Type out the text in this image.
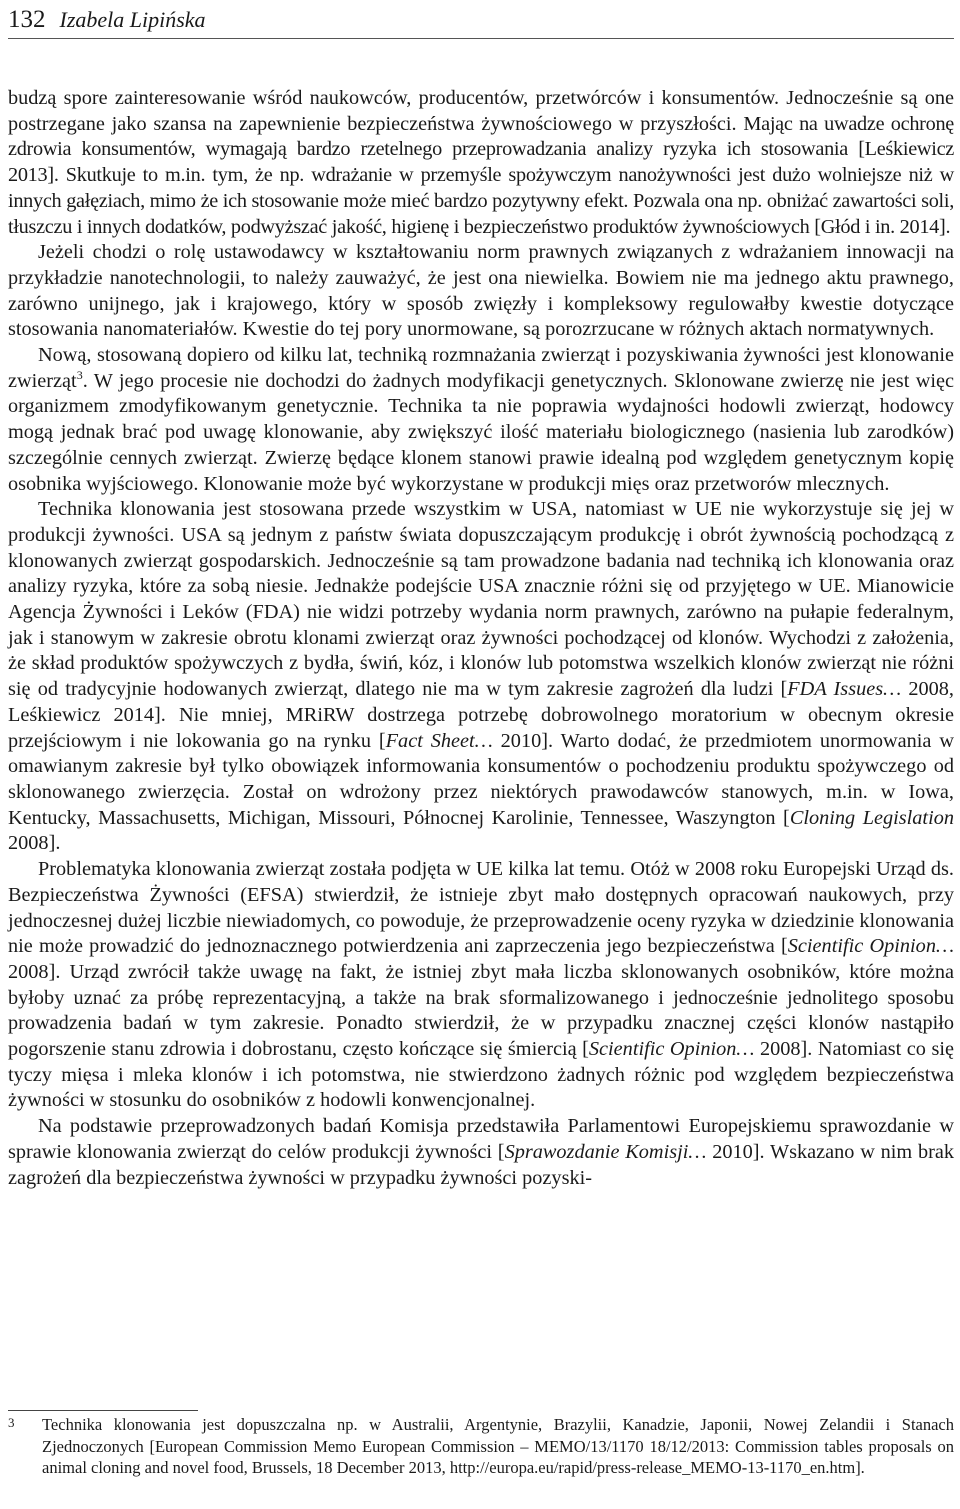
132 Izabela Lipińska

budzą spore zainteresowanie wśród naukowców, producentów, przetwórców i konsumentów. Jednocześnie są one postrzegane jako szansa na zapewnienie bezpieczeństwa żywnościowego w przyszłości. Mając na uwadze ochronę zdrowia konsumentów, wymagają bardzo rzetelnego przeprowadzania analizy ryzyka ich stosowania [Leśkiewicz 2013]. Skutkuje to m.in. tym, że np. wdrażanie w przemyśle spożywczym nanożywności jest dużo wolniejsze niż w innych gałęziach, mimo że ich stosowanie może mieć bardzo pozytywny efekt. Pozwala ona np. obniżać zawartości soli, tłuszczu i innych dodatków, podwyższać jakość, higienę i bezpieczeństwo produktów żywnościowych [Głód i in. 2014].

Jeżeli chodzi o rolę ustawodawcy w kształtowaniu norm prawnych związanych z wdrażaniem innowacji na przykładzie nanotechnologii, to należy zauważyć, że jest ona niewielka. Bowiem nie ma jednego aktu prawnego, zarówno unijnego, jak i krajowego, który w sposób zwięzły i kompleksowy regulowałby kwestie dotyczące stosowania nanomateriałów. Kwestie do tej pory unormowane, są porozrzucane w różnych aktach normatywnych.

Nową, stosowaną dopiero od kilku lat, techniką rozmnażania zwierząt i pozyskiwania żywności jest klonowanie zwierząt$^3$. W jego procesie nie dochodzi do żadnych modyfikacji genetycznych. Sklonowane zwierzę nie jest więc organizmem zmodyfikowanym genetycznie. Technika ta nie poprawia wydajności hodowli zwierząt, hodowcy mogą jednak brać pod uwagę klonowanie, aby zwiększyć ilość materiału biologicznego (nasienia lub zarodków) szczególnie cennych zwierząt. Zwierzę będące klonem stanowi prawie idealną pod względem genetycznym kopię osobnika wyjściowego. Klonowanie może być wykorzystane w produkcji mięs oraz przetworów mlecznych.

Technika klonowania jest stosowana przede wszystkim w USA, natomiast w UE nie wykorzystuje się jej w produkcji żywności. USA są jednym z państw świata dopuszczającym produkcję i obrót żywnością pochodzącą z klonowanych zwierząt gospodarskich. Jednocześnie są tam prowadzone badania nad techniką ich klonowania oraz analizy ryzyka, które za sobą niesie. Jednakże podejście USA znacznie różni się od przyjętego w UE. Mianowicie Agencja Żywności i Leków (FDA) nie widzi potrzeby wydania norm prawnych, zarówno na pułapie federalnym, jak i stanowym w zakresie obrotu klonami zwierząt oraz żywności pochodzącej od klonów. Wychodzi z założenia, że skład produktów spożywczych z bydła, świń, kóz, i klonów lub potomstwa wszelkich klonów zwierząt nie różni się od tradycyjnie hodowanych zwierząt, dlatego nie ma w tym zakresie zagrożeń dla ludzi [FDA Issues… 2008, Leśkiewicz 2014]. Nie mniej, MRiRW dostrzega potrzebę dobrowolnego moratorium w obecnym okresie przejściowym i nie lokowania go na rynku [Fact Sheet… 2010]. Warto dodać, że przedmiotem unormowania w omawianym zakresie był tylko obowiązek informowania konsumentów o pochodzeniu produktu spożywczego od sklonowanego zwierzęcia. Został on wdrożony przez niektórych prawodawców stanowych, m.in. w Iowa, Kentucky, Massachusetts, Michigan, Missouri, Północnej Karolinie, Tennessee, Waszyngton [Cloning Legislation 2008].

Problematyka klonowania zwierząt została podjęta w UE kilka lat temu. Otóż w 2008 roku Europejski Urząd ds. Bezpieczeństwa Żywności (EFSA) stwierdził, że istnieje zbyt mało dostępnych opracowań naukowych, przy jednoczesnej dużej liczbie niewiadomych, co powoduje, że przeprowadzenie oceny ryzyka w dziedzinie klonowania nie może prowadzić do jednoznacznego potwierdzenia ani zaprzeczenia jego bezpieczeństwa [Scientific Opinion… 2008]. Urząd zwrócił także uwagę na fakt, że istniej zbyt mała liczba sklonowanych osobników, które można byłoby uznać za próbę reprezentacyjną, a także na brak sformalizowanego i jednocześnie jednolitego sposobu prowadzenia badań w tym zakresie. Ponadto stwierdził, że w przypadku znacznej części klonów nastąpiło pogorszenie stanu zdrowia i dobrostanu, często kończące się śmiercią [Scientific Opinion… 2008]. Natomiast co się tyczy mięsa i mleka klonów i ich potomstwa, nie stwierdzono żadnych różnic pod względem bezpieczeństwa żywności w stosunku do osobników z hodowli konwencjonalnej.

Na podstawie przeprowadzonych badań Komisja przedstawiła Parlamentowi Europejskiemu sprawozdanie w sprawie klonowania zwierząt do celów produkcji żywności [Sprawozdanie Komisji… 2010]. Wskazano w nim brak zagrożeń dla bezpieczeństwa żywności w przypadku żywności pozyski-

3	Technika klonowania jest dopuszczalna np. w Australii, Argentynie, Brazylii, Kanadzie, Japonii, Nowej Zelandii i Stanach Zjednoczonych [European Commission Memo European Commission – MEMO/13/1170 18/12/2013: Commission tables proposals on animal cloning and novel food, Brussels, 18 December 2013, http://europa.eu/rapid/press-release_MEMO-13-1170_en.htm].
